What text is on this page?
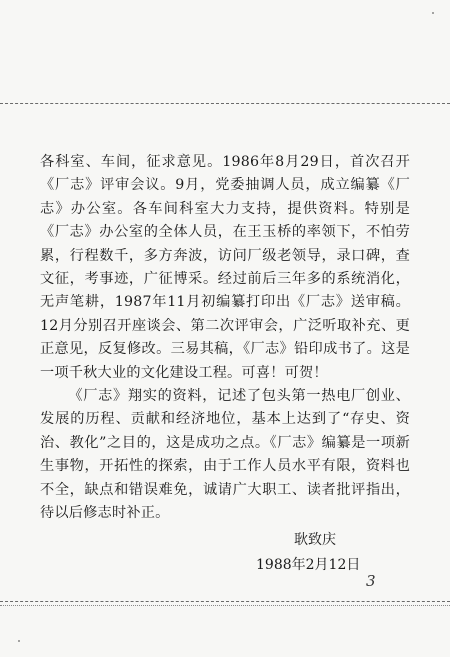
各科室、车间，征求意见。1986年8月29日，首次召开《厂志》评审会议。9月，党委抽调人员，成立编纂《厂志》办公室。各车间科室大力支持，提供资料。特别是《厂志》办公室的全体人员，在王玉桥的率领下，不怕劳累，行程数千，多方奔波，访问厂级老领导，录口碑，查文征，考事迹，广征博采。经过前后三年多的系统消化，无声笔耕，1987年11月初编纂打印出《厂志》送审稿。12月分别召开座谈会、第二次评审会，广泛听取补充、更正意见，反复修改。三易其稿，《厂志》铅印成书了。这是一项千秋大业的文化建设工程。可喜！可贺！

《厂志》翔实的资料，记述了包头第一热电厂创业、发展的历程、贡献和经济地位，基本上达到了“存史、资治、教化”之目的，这是成功之点。《厂志》编纂是一项新生事物，开拓性的探索，由于工作人员水平有限，资料也不全，缺点和错误难免，诚请广大职工、读者批评指出，待以后修志时补正。

耿致庆
1988年2月12日
3
